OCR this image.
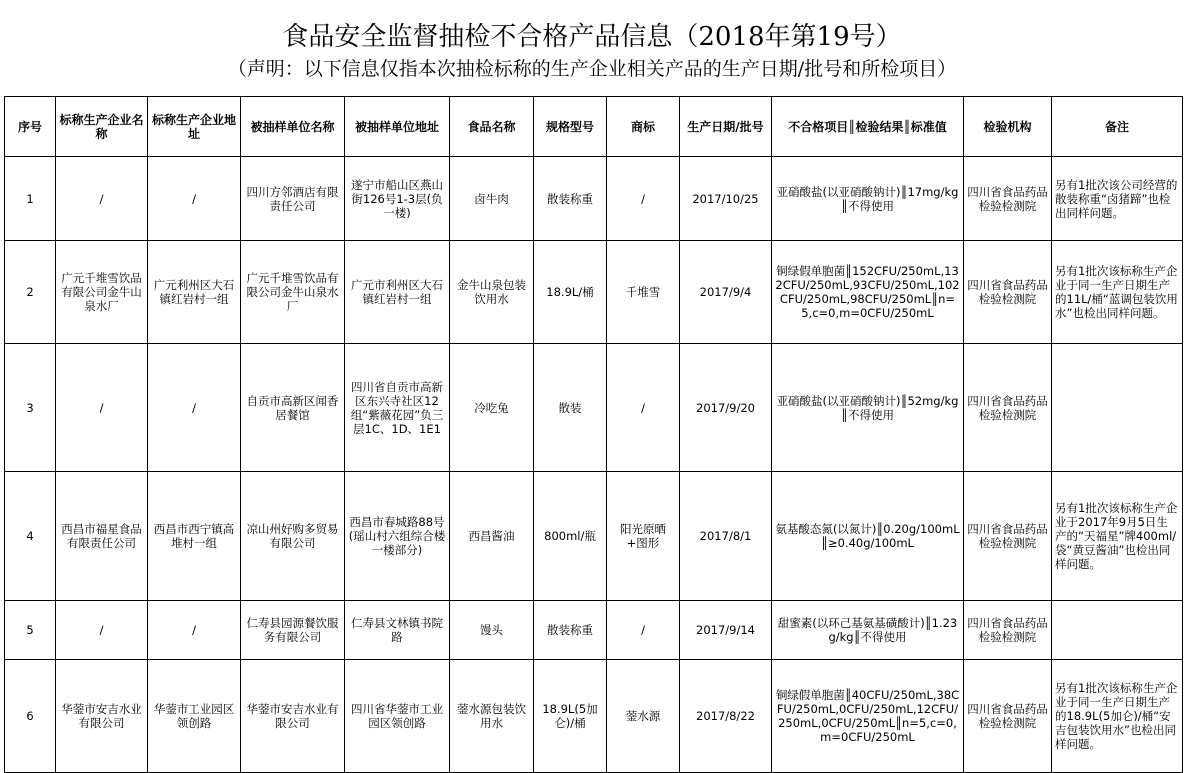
食品安全监督抽检不合格产品信息（2018年第19号）
（声明：以下信息仅指本次抽检标称的生产企业相关产品的生产日期/批号和所检项目）
序号	标称生产企业名称	标称生产企业地址	被抽样单位名称	被抽样单位地址	食品名称	规格型号	商标	生产日期/批号	不合格项目║检验结果║标准值	检验机构	备注
1	/	/	四川方邻酒店有限责任公司	遂宁市船山区燕山街126号1-3层(负一楼)	卤牛肉	散装称重	/	2017/10/25	亚硝酸盐(以亚硝酸钠计)║17mg/kg║不得使用	四川省食品药品检验检测院	另有1批次该公司经营的散装称重“卤猪蹄”也检出同样问题。
2	广元千堆雪饮品有限公司金牛山泉水厂	广元利州区大石镇红岩村一组	广元千堆雪饮品有限公司金牛山泉水厂	广元市利州区大石镇红岩村一组	金牛山泉包装饮用水	18.9L/桶	千堆雪	2017/9/4	铜绿假单胞菌║152CFU/250mL,132CFU/250mL,93CFU/250mL,102CFU/250mL,98CFU/250mL║n=5,c=0,m=0CFU/250mL	四川省食品药品检验检测院	另有1批次该标称生产企业于同一生产日期生产的11L/桶“蓝调包装饮用水”也检出同样问题。
3	/	/	自贡市高新区闻香居餐馆	四川省自贡市高新区东兴寺社区12组“紫薇花园”负三层1C、1D、1E1	冷吃兔	散装	/	2017/9/20	亚硝酸盐(以亚硝酸钠计)║52mg/kg║不得使用	四川省食品药品检验检测院	
4	西昌市福星食品有限责任公司	西昌市西宁镇高堆村一组	凉山州好购多贸易有限公司	西昌市春城路88号(瑶山村六组综合楼一楼部分)	西昌酱油	800ml/瓶	阳光原晒+图形	2017/8/1	氨基酸态氮(以氮计)║0.20g/100mL║≥0.40g/100mL	四川省食品药品检验检测院	另有1批次该标称生产企业于2017年9月5日生产的“天福星”牌400ml/袋“黄豆酱油”也检出同样问题。
5	/	/	仁寿县园源餐饮服务有限公司	仁寿县文林镇书院路	馒头	散装称重	/	2017/9/14	甜蜜素(以环己基氨基磺酸计)║1.23g/kg║不得使用	四川省食品药品检验检测院	
6	华蓥市安吉水业有限公司	华蓥市工业园区领创路	华蓥市安吉水业有限公司	四川省华蓥市工业园区领创路	蓥水源包装饮用水	18.9L(5加仑)/桶	蓥水源	2017/8/22	铜绿假单胞菌║40CFU/250mL,38CFU/250mL,0CFU/250mL,12CFU/250mL,0CFU/250mL║n=5,c=0,m=0CFU/250mL	四川省食品药品检验检测院	另有1批次该标称生产企业于同一生产日期生产的18.9L(5加仑)/桶“安吉包装饮用水”也检出同样问题。
